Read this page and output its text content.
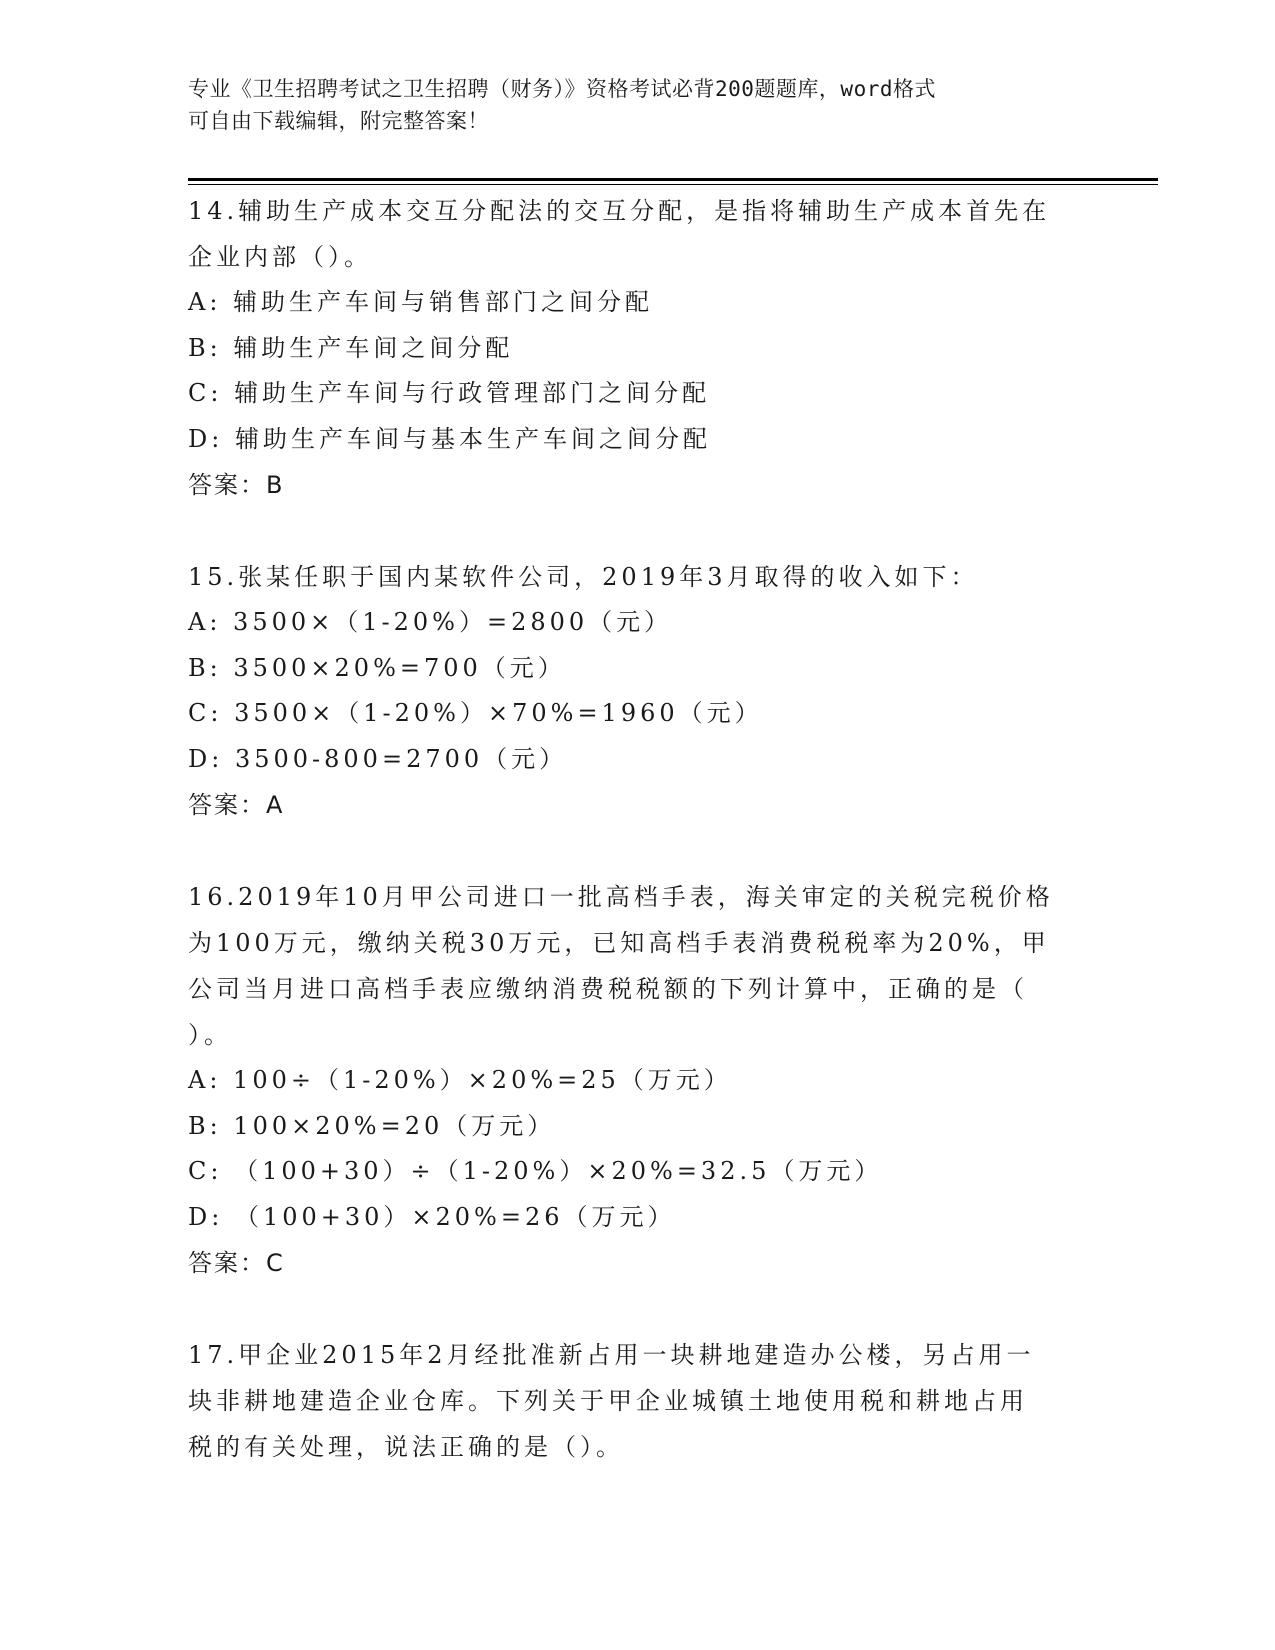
专业《卫生招聘考试之卫生招聘（财务）》资格考试必背200题题库，word格式
可自由下载编辑，附完整答案！
14.辅助生产成本交互分配法的交互分配，是指将辅助生产成本首先在
企业内部（）。
A: 辅助生产车间与销售部门之间分配
B: 辅助生产车间之间分配
C: 辅助生产车间与行政管理部门之间分配
D: 辅助生产车间与基本生产车间之间分配
答案：B
15.张某任职于国内某软件公司，2019年3月取得的收入如下：
A: 3500×（1-20%）=2800（元）
B: 3500×20%=700（元）
C: 3500×（1-20%）×70%=1960（元）
D: 3500-800=2700（元）
答案：A
16.2019年10月甲公司进口一批高档手表，海关审定的关税完税价格
为100万元，缴纳关税30万元，已知高档手表消费税税率为20%，甲
公司当月进口高档手表应缴纳消费税税额的下列计算中，正确的是（
）。
A: 100÷（1-20%）×20%=25（万元）
B: 100×20%=20（万元）
C: （100+30）÷（1-20%）×20%=32.5（万元）
D: （100+30）×20%=26（万元）
答案：C
17.甲企业2015年2月经批准新占用一块耕地建造办公楼，另占用一
块非耕地建造企业仓库。下列关于甲企业城镇土地使用税和耕地占用
税的有关处理，说法正确的是（）。
